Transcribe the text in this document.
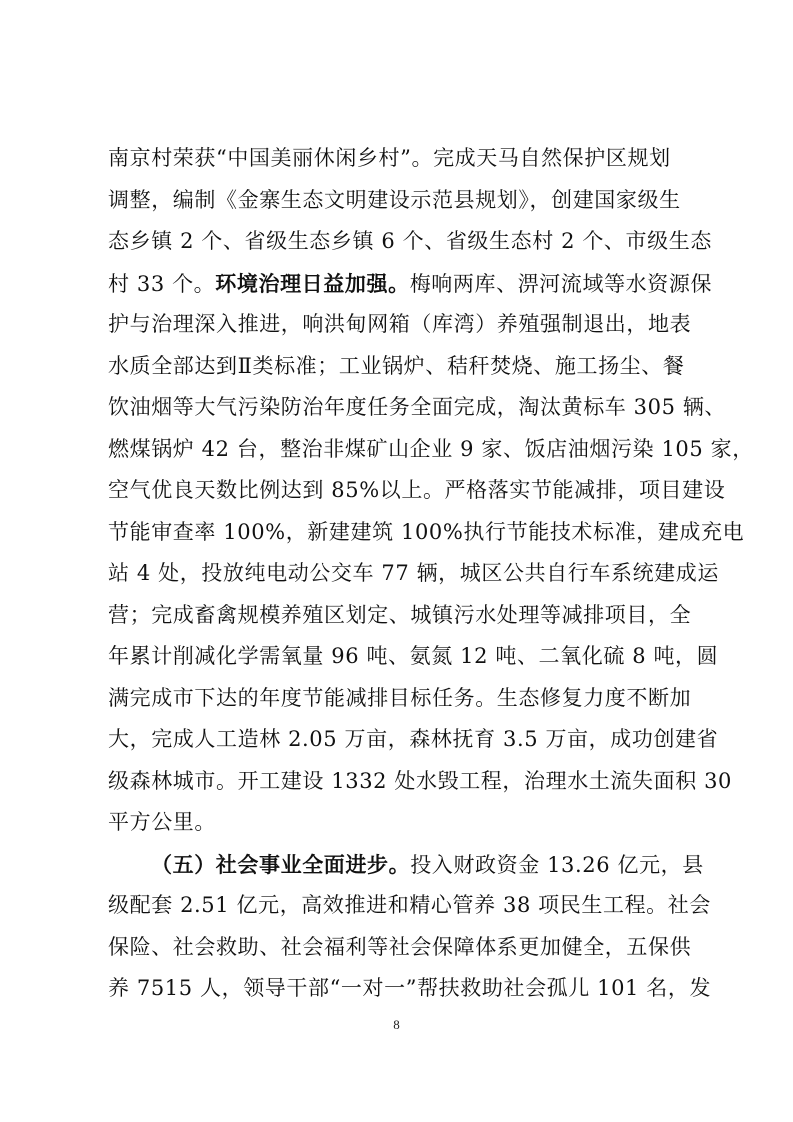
南京村荣获“中国美丽休闲乡村”。完成天马自然保护区规划
调整，编制《金寨生态文明建设示范县规划》，创建国家级生
态乡镇 2 个、省级生态乡镇 6 个、省级生态村 2 个、市级生态
村 33 个。环境治理日益加强。梅响两库、淠河流域等水资源保
护与治理深入推进，响洪甸网箱（库湾）养殖强制退出，地表
水质全部达到Ⅱ类标准；工业锅炉、秸秆焚烧、施工扬尘、餐
饮油烟等大气污染防治年度任务全面完成，淘汰黄标车 305 辆、
燃煤锅炉 42 台，整治非煤矿山企业 9 家、饭店油烟污染 105 家，
空气优良天数比例达到 85%以上。严格落实节能减排，项目建设
节能审查率 100%，新建建筑 100%执行节能技术标准，建成充电
站 4 处，投放纯电动公交车 77 辆，城区公共自行车系统建成运
营；完成畜禽规模养殖区划定、城镇污水处理等减排项目，全
年累计削减化学需氧量 96 吨、氨氮 12 吨、二氧化硫 8 吨，圆
满完成市下达的年度节能减排目标任务。生态修复力度不断加
大，完成人工造林 2.05 万亩，森林抚育 3.5 万亩，成功创建省
级森林城市。开工建设 1332 处水毁工程，治理水土流失面积 30
平方公里。
（五）社会事业全面进步。投入财政资金 13.26 亿元，县
级配套 2.51 亿元，高效推进和精心管养 38 项民生工程。社会
保险、社会救助、社会福利等社会保障体系更加健全，五保供
养 7515 人，领导干部“一对一”帮扶救助社会孤儿 101 名，发
8
